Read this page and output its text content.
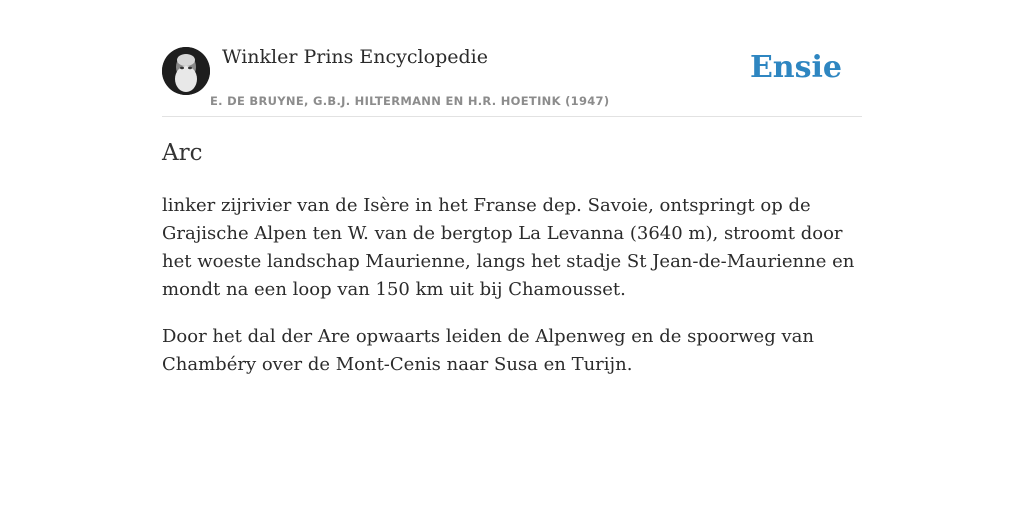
Winkler Prins Encyclopedie
E. DE BRUYNE, G.B.J. HILTERMANN EN H.R. HOETINK (1947)
Ensie
Arc

linker zijrivier van de Isère in het Franse dep. Savoie, ontspringt op de Grajische Alpen ten W. van de bergtop La Levanna (3640 m), stroomt door het woeste landschap Maurienne, langs het stadje St Jean-de-Maurienne en mondt na een loop van 150 km uit bij Chamousset.

Door het dal der Are opwaarts leiden de Alpenweg en de spoorweg van Chambéry over de Mont-Cenis naar Susa en Turijn.
